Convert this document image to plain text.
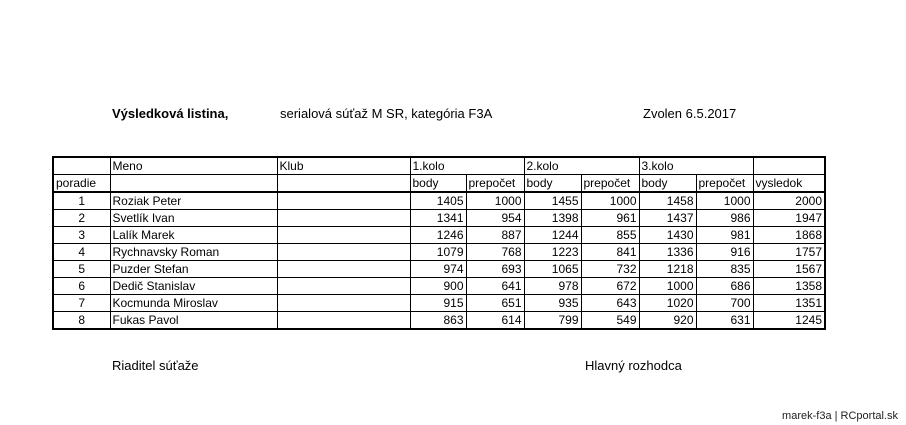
Výsledková listina,	serialová súťaž M SR, kategória F3A	Zvolen 6.5.2017
	Meno	Klub	1.kolo		2.kolo		3.kolo		
poradie			body	prepočet	body	prepočet	body	prepočet	vysledok
1	Roziak Peter		1405	1000	1455	1000	1458	1000	2000
2	Svetlík Ivan		1341	954	1398	961	1437	986	1947
3	Lalík Marek		1246	887	1244	855	1430	981	1868
4	Rychnavsky Roman		1079	768	1223	841	1336	916	1757
5	Puzder Stefan		974	693	1065	732	1218	835	1567
6	Dedič Stanislav		900	641	978	672	1000	686	1358
7	Kocmunda Miroslav		915	651	935	643	1020	700	1351
8	Fukas Pavol		863	614	799	549	920	631	1245
Riaditel súťaže	Hlavný rozhodca
marek-f3a | RCportal.sk
